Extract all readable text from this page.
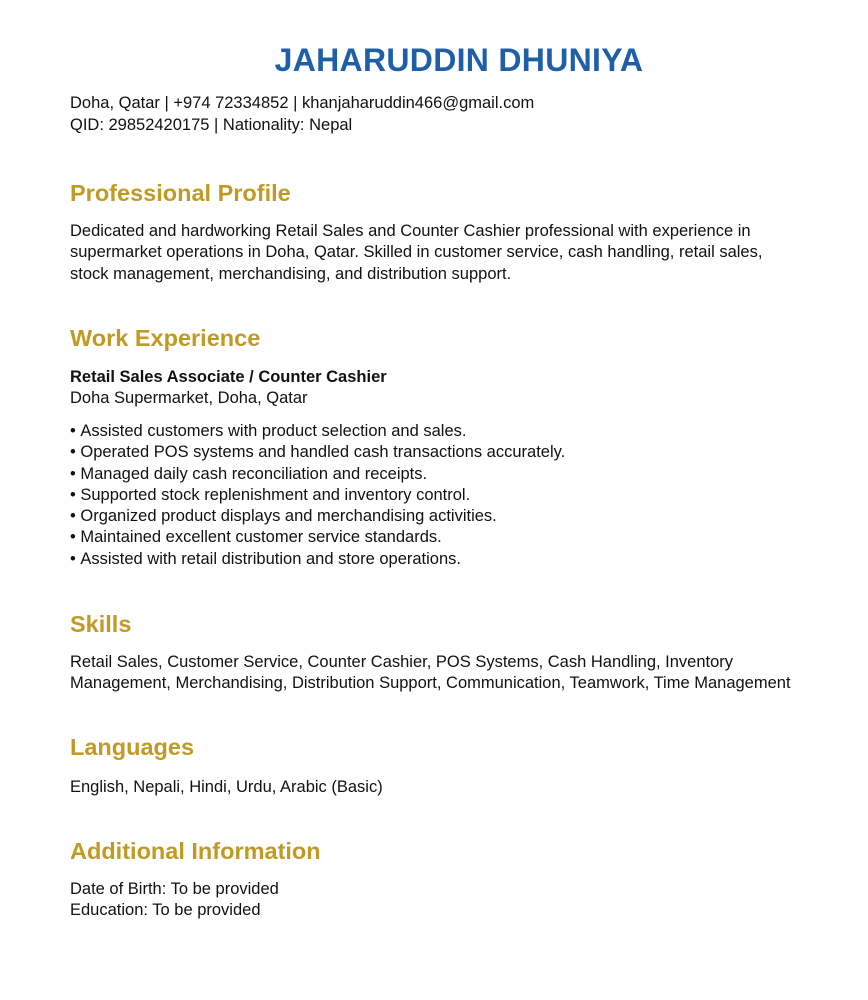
JAHARUDDIN DHUNIYA
Doha, Qatar | +974 72334852 | khanjaharuddin466@gmail.com
QID: 29852420175 | Nationality: Nepal
Professional Profile
Dedicated and hardworking Retail Sales and Counter Cashier professional with experience in
supermarket operations in Doha, Qatar. Skilled in customer service, cash handling, retail sales,
stock management, merchandising, and distribution support.
Work Experience
Retail Sales Associate / Counter Cashier
Doha Supermarket, Doha, Qatar
• Assisted customers with product selection and sales.
• Operated POS systems and handled cash transactions accurately.
• Managed daily cash reconciliation and receipts.
• Supported stock replenishment and inventory control.
• Organized product displays and merchandising activities.
• Maintained excellent customer service standards.
• Assisted with retail distribution and store operations.
Skills
Retail Sales, Customer Service, Counter Cashier, POS Systems, Cash Handling, Inventory
Management, Merchandising, Distribution Support, Communication, Teamwork, Time Management
Languages
English, Nepali, Hindi, Urdu, Arabic (Basic)
Additional Information
Date of Birth: To be provided
Education: To be provided
